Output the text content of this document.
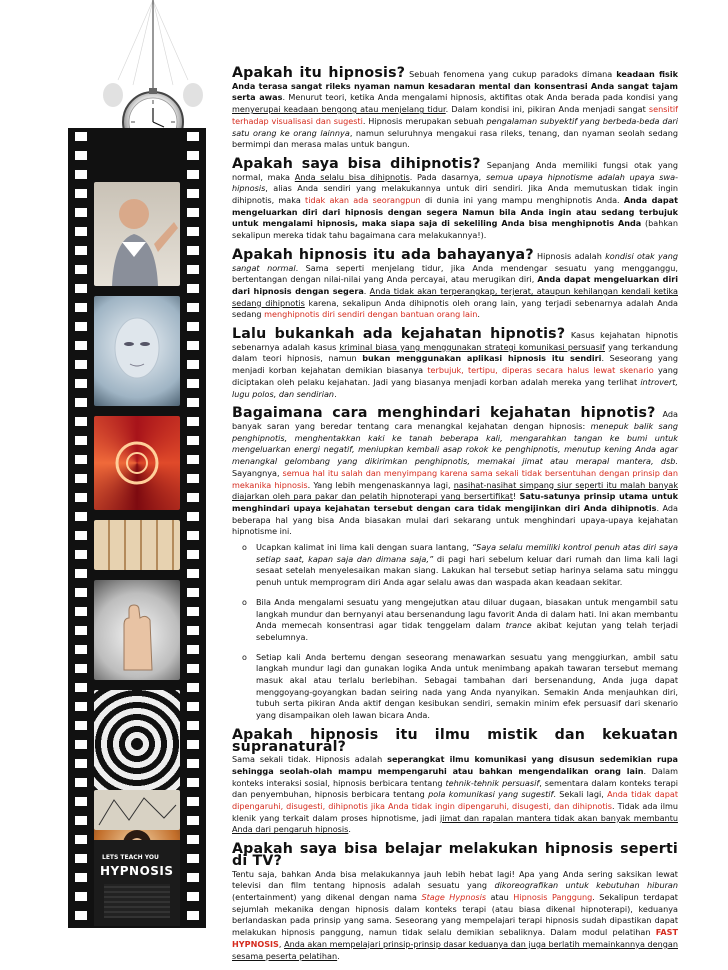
LETS TEACH YOU
HYPNOSIS

Apakah itu hipnosis? Sebuah fenomena yang cukup paradoks dimana keadaan fisik Anda terasa sangat rileks nyaman namun kesadaran mental dan konsentrasi Anda sangat tajam serta awas. Menurut teori, ketika Anda mengalami hipnosis, aktifitas otak Anda berada pada kondisi yang menyerupai keadaan bengong atau menjelang tidur. Dalam kondisi ini, pikiran Anda menjadi sangat sensitif terhadap visualisasi dan sugesti. Hipnosis merupakan sebuah pengalaman subyektif yang berbeda-beda dari satu orang ke orang lainnya, namun seluruhnya mengakui rasa rileks, tenang, dan nyaman seolah sedang bermimpi dan merasa malas untuk bangun.

Apakah saya bisa dihipnotis? Sepanjang Anda memiliki fungsi otak yang normal, maka Anda selalu bisa dihipnotis. Pada dasarnya, semua upaya hipnotisme adalah upaya swa-hipnosis, alias Anda sendiri yang melakukannya untuk diri sendiri. Jika Anda memutuskan tidak ingin dihipnotis, maka tidak akan ada seorangpun di dunia ini yang mampu menghipnotis Anda. Anda dapat mengeluarkan diri dari hipnosis dengan segera Namun bila Anda ingin atau sedang terbujuk untuk mengalami hipnosis, maka siapa saja di sekeliling Anda bisa menghipnotis Anda (bahkan sekalipun mereka tidak tahu bagaimana cara melakukannya!).

Apakah hipnosis itu ada bahayanya? Hipnosis adalah kondisi otak yang sangat normal. Sama seperti menjelang tidur, jika Anda mendengar sesuatu yang mengganggu, bertentangan dengan nilai-nilai yang Anda percayai, atau merugikan diri, Anda dapat mengeluarkan diri dari hipnosis dengan segera. Anda tidak akan terperangkap, terjerat, ataupun kehilangan kendali ketika sedang dihipnotis karena, sekalipun Anda dihipnotis oleh orang lain, yang terjadi sebenarnya adalah Anda sedang menghipnotis diri sendiri dengan bantuan orang lain.

Lalu bukankah ada kejahatan hipnotis? Kasus kejahatan hipnotis sebenarnya adalah kasus kriminal biasa yang menggunakan strategi komunikasi persuasif yang terkandung dalam teori hipnosis, namun bukan menggunakan aplikasi hipnosis itu sendiri. Seseorang yang menjadi korban kejahatan demikian biasanya terbujuk, tertipu, diperas secara halus lewat skenario yang diciptakan oleh pelaku kejahatan. Jadi yang biasanya menjadi korban adalah mereka yang terlihat introvert, lugu polos, dan sendirian.

Bagaimana cara menghindari kejahatan hipnotis? Ada banyak saran yang beredar tentang cara menangkal kejahatan dengan hipnosis: menepuk balik sang penghipnotis, menghentakkan kaki ke tanah beberapa kali, mengarahkan tangan ke bumi untuk mengeluarkan energi negatif, meniupkan kembali asap rokok ke penghipnotis, menutup kening Anda agar menangkal gelombang yang dikirimkan penghipnotis, memakai jimat atau merapal mantera, dsb. Sayangnya, semua hal itu salah dan menyimpang karena sama sekali tidak bersentuhan dengan prinsip dan mekanika hipnosis. Yang lebih mengenaskannya lagi, nasihat-nasihat simpang siur seperti itu malah banyak diajarkan oleh para pakar dan pelatih hipnoterapi yang bersertifikat! Satu-satunya prinsip utama untuk menghindari upaya kejahatan tersebut dengan cara tidak mengijinkan diri Anda dihipnotis. Ada beberapa hal yang bisa Anda biasakan mulai dari sekarang untuk menghindari upaya-upaya kejahatan hipnotisme ini.

o Ucapkan kalimat ini lima kali dengan suara lantang, “Saya selalu memiliki kontrol penuh atas diri saya setiap saat, kapan saja dan dimana saja,” di pagi hari sebelum keluar dari rumah dan lima kali lagi sesaat setelah menyelesaikan makan siang. Lakukan hal tersebut setiap harinya selama satu minggu penuh untuk memprogram diri Anda agar selalu awas dan waspada akan keadaan sekitar.
o Bila Anda mengalami sesuatu yang mengejutkan atau diluar dugaan, biasakan untuk mengambil satu langkah mundur dan bernyanyi atau bersenandung lagu favorit Anda di dalam hati. Ini akan membantu Anda memecah konsentrasi agar tidak tenggelam dalam trance akibat kejutan yang telah terjadi sebelumnya.
o Setiap kali Anda bertemu dengan seseorang menawarkan sesuatu yang menggiurkan, ambil satu langkah mundur lagi dan gunakan logika Anda untuk menimbang apakah tawaran tersebut memang masuk akal atau terlalu berlebihan. Sebagai tambahan dari bersenandung, Anda juga dapat menggoyang-goyangkan badan seiring nada yang Anda nyanyikan. Semakin Anda menjauhkan diri, tubuh serta pikiran Anda aktif dengan kesibukan sendiri, semakin minim efek persuasif dari skenario yang disampaikan oleh lawan bicara Anda.
Apakah hipnosis itu ilmu mistik dan kekuatan supranatural?

Sama sekali tidak. Hipnosis adalah seperangkat ilmu komunikasi yang disusun sedemikian rupa sehingga seolah-olah mampu mempengaruhi atau bahkan mengendalikan orang lain. Dalam konteks interaksi sosial, hipnosis berbicara tentang tehnik-tehnik persuasif, sementara dalam konteks terapi dan penyembuhan, hipnosis berbicara tentang pola komunikasi yang sugestif. Sekali lagi, Anda tidak dapat dipengaruhi, disugesti, dihipnotis jika Anda tidak ingin dipengaruhi, disugesti, dan dihipnotis. Tidak ada ilmu klenik yang terkait dalam proses hipnotisme, jadi jimat dan rapalan mantera tidak akan banyak membantu Anda dari pengaruh hipnosis.

Apakah saya bisa belajar melakukan hipnosis seperti di TV?

Tentu saja, bahkan Anda bisa melakukannya jauh lebih hebat lagi! Apa yang Anda sering saksikan lewat televisi dan film tentang hipnosis adalah sesuatu yang dikoreografikan untuk kebutuhan hiburan (entertainment) yang dikenal dengan nama Stage Hypnosis atau Hipnosis Panggung. Sekalipun terdapat sejumlah mekanika dengan hipnosis dalam konteks terapi (atau biasa dikenal hipnoterapi), keduanya berlandaskan pada prinsip yang sama. Seseorang yang mempelajari terapi hipnosis sudah dipastikan dapat melakukan hipnosis panggung, namun tidak selalu demikian sebaliknya. Dalam modul pelatihan FAST HYPNOSIS, Anda akan mempelajari prinsip-prinsip dasar keduanya dan juga berlatih memainkannya dengan sesama peserta pelatihan.
